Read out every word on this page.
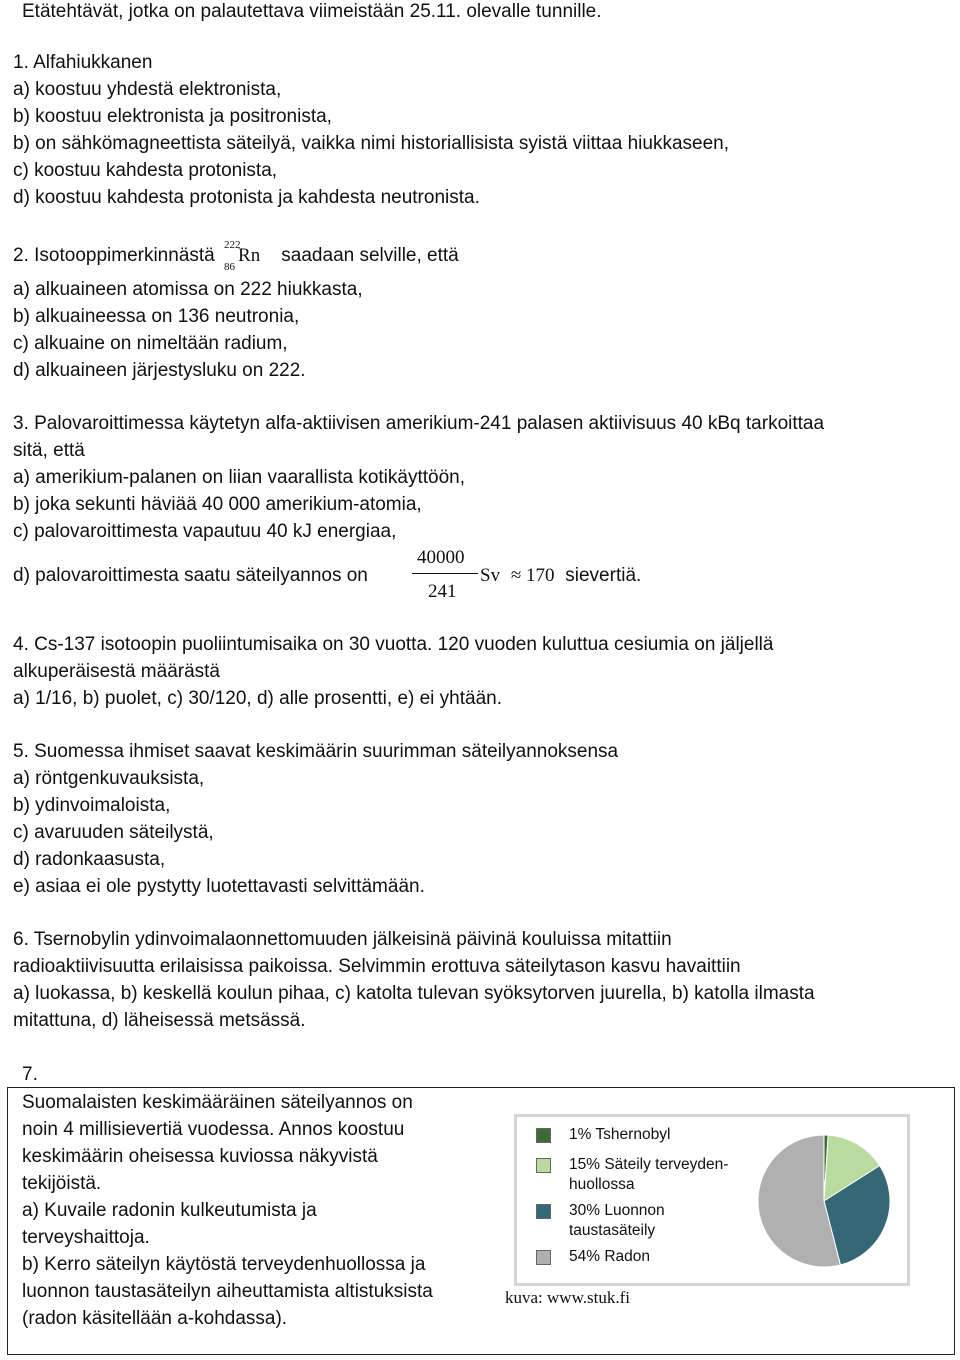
Etätehtävät, jotka on palautettava viimeistään 25.11. olevalle tunnille.
1. Alfahiukkanen
a) koostuu yhdestä elektronista,
b) koostuu elektronista ja positronista,
b) on sähkömagneettista säteilyä, vaikka nimi historiallisista syistä viittaa hiukkaseen,
c) koostuu kahdesta protonista,
d) koostuu kahdesta protonista ja kahdesta neutronista.
2. Isotooppimerkinnästä 222
86
Rn saadaan selville, että
a) alkuaineen atomissa on 222 hiukkasta,
b) alkuaineessa on 136 neutronia,
c) alkuaine on nimeltään radium,
d) alkuaineen järjestysluku on 222.
3. Palovaroittimessa käytetyn alfa-aktiivisen amerikium-241 palasen aktiivisuus 40 kBq tarkoittaa
sitä, että
a) amerikium-palanen on liian vaarallista kotikäyttöön,
b) joka sekunti häviää 40 000 amerikium-atomia,
c) palovaroittimesta vapautuu 40 kJ energiaa,
d) palovaroittimesta saatu säteilyannos on
40000
241
Sv ≈ 170 sievertiä.
4. Cs-137 isotoopin puoliintumisaika on 30 vuotta. 120 vuoden kuluttua cesiumia on jäljellä
alkuperäisestä määrästä
a) 1/16, b) puolet, c) 30/120, d) alle prosentti, e) ei yhtään.
5. Suomessa ihmiset saavat keskimäärin suurimman säteilyannoksensa
a) röntgenkuvauksista,
b) ydinvoimaloista,
c) avaruuden säteilystä,
d) radonkaasusta,
e) asiaa ei ole pystytty luotettavasti selvittämään.
6. Tsernobylin ydinvoimalaonnettomuuden jälkeisinä päivinä kouluissa mitattiin
radioaktiivisuutta erilaisissa paikoissa. Selvimmin erottuva säteilytason kasvu havaittiin
a) luokassa, b) keskellä koulun pihaa, c) katolta tulevan syöksytorven juurella, b) katolla ilmasta
mitattuna, d) läheisessä metsässä.
7.
Suomalaisten keskimääräinen säteilyannos on
noin 4 millisievertiä vuodessa. Annos koostuu
keskimäärin oheisessa kuviossa näkyvistä
tekijöistä.
a) Kuvaile radonin kulkeutumista ja
terveyshaittoja.
b) Kerro säteilyn käytöstä terveydenhuollossa ja
luonnon taustasäteilyn aiheuttamista altistuksista
(radon käsitellään a-kohdassa).
1% Tshernobyl
15% Säteily terveyden-
huollossa
30% Luonnon
taustasäteily
54% Radon
kuva: www.stuk.fi
